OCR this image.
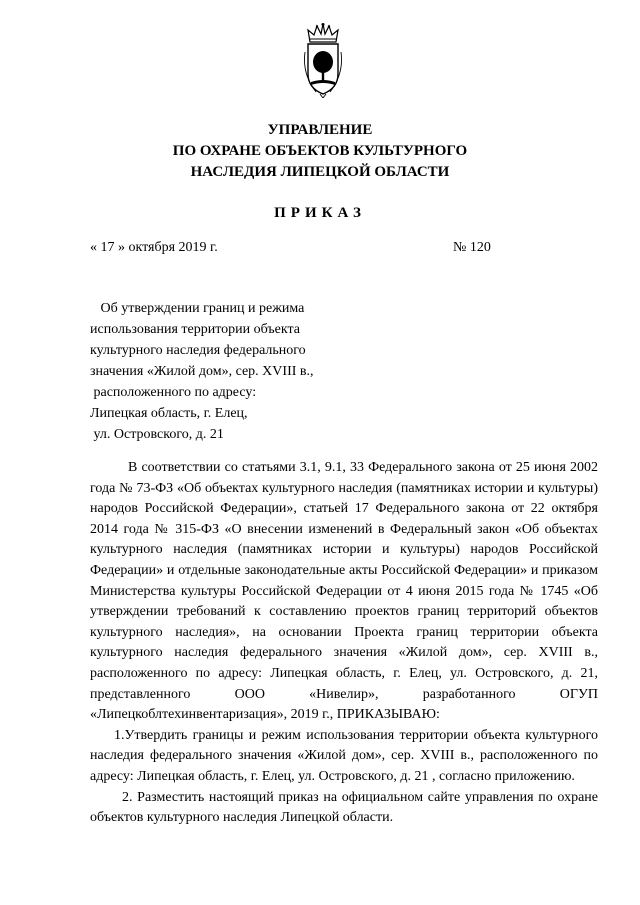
УПРАВЛЕНИЕ
ПО ОХРАНЕ ОБЪЕКТОВ КУЛЬТУРНОГО
НАСЛЕДИЯ ЛИПЕЦКОЙ ОБЛАСТИ
ПРИКАЗ
« 17 » октября 2019 г.	№ 120
Об утверждении границ и режима
использования территории объекта
культурного наследия федерального
значения «Жилой дом», сер. XVIII в.,
расположенного по адресу:
Липецкая область, г. Елец,
ул. Островского, д. 21

В соответствии со статьями 3.1, 9.1, 33 Федерального закона от 25 июня 2002 года № 73-ФЗ «Об объектах культурного наследия (памятниках истории и культуры) народов Российской Федерации», статьей 17 Федерального закона от 22 октября 2014 года № 315-ФЗ «О внесении изменений в Федеральный закон «Об объектах культурного наследия (памятниках истории и культуры) народов Российской Федерации» и отдельные законодательные акты Российской Федерации» и приказом Министерства культуры Российской Федерации от 4 июня 2015 года № 1745 «Об утверждении требований к составлению проектов границ территорий объектов культурного наследия», на основании Проекта границ территории объекта культурного наследия федерального значения «Жилой дом», сер. XVIII в., расположенного по адресу: Липецкая область, г. Елец, ул. Островского, д. 21, представленного ООО «Нивелир», разработанного ОГУП «Липецкоблтехинвентаризация», 2019 г., ПРИКАЗЫВАЮ:

1.Утвердить границы и режим использования территории объекта культурного наследия федерального значения «Жилой дом», сер. XVIII в., расположенного по адресу: Липецкая область, г. Елец, ул. Островского, д. 21 , согласно приложению.

2. Разместить настоящий приказ на официальном сайте управления по охране объектов культурного наследия Липецкой области.
